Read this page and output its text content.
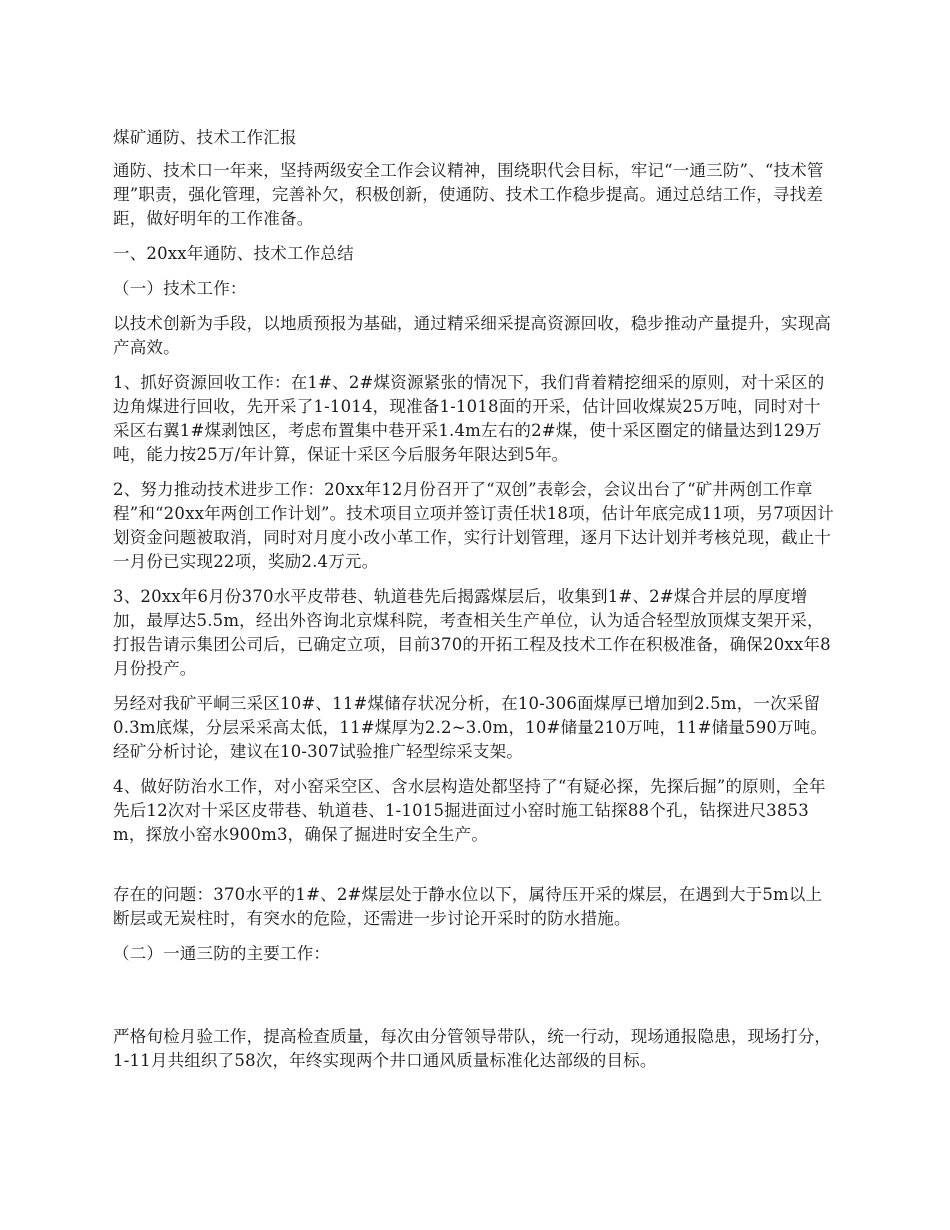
煤矿通防、技术工作汇报

通防、技术口一年来，坚持两级安全工作会议精神，围绕职代会目标，牢记“一通三防”、“技术管理”职责，强化管理，完善补欠，积极创新，使通防、技术工作稳步提高。通过总结工作，寻找差距，做好明年的工作准备。

一、20xx年通防、技术工作总结

（一）技术工作：

以技术创新为手段，以地质预报为基础，通过精采细采提高资源回收，稳步推动产量提升，实现高产高效。

1、抓好资源回收工作：在1#、2#煤资源紧张的情况下，我们背着精挖细采的原则，对十采区的边角煤进行回收，先开采了1-1014，现准备1-1018面的开采，估计回收煤炭25万吨，同时对十采区右翼1#煤剥蚀区，考虑布置集中巷开采1.4m左右的2#煤，使十采区圈定的储量达到129万吨，能力按25万/年计算，保证十采区今后服务年限达到5年。

2、努力推动技术进步工作：20xx年12月份召开了“双创”表彰会，会议出台了“矿井两创工作章程”和“20xx年两创工作计划”。技术项目立项并签订责任状18项，估计年底完成11项，另7项因计划资金问题被取消，同时对月度小改小革工作，实行计划管理，逐月下达计划并考核兑现，截止十一月份已实现22项，奖励2.4万元。

3、20xx年6月份370水平皮带巷、轨道巷先后揭露煤层后，收集到1#、2#煤合并层的厚度增加，最厚达5.5m，经出外咨询北京煤科院，考查相关生产单位，认为适合轻型放顶煤支架开采，打报告请示集团公司后，已确定立项，目前370的开拓工程及技术工作在积极准备，确保20xx年8月份投产。

另经对我矿平峒三采区10#、11#煤储存状况分析，在10-306面煤厚已增加到2.5m，一次采留0.3m底煤，分层采采高太低，11#煤厚为2.2~3.0m，10#储量210万吨，11#储量590万吨。经矿分析讨论，建议在10-307试验推广轻型综采支架。

4、做好防治水工作，对小窑采空区、含水层构造处都坚持了“有疑必探，先探后掘”的原则，全年先后12次对十采区皮带巷、轨道巷、1-1015掘进面过小窑时施工钻探88个孔，钻探进尺3853m，探放小窑水900m3，确保了掘进时安全生产。

存在的问题：370水平的1#、2#煤层处于静水位以下，属待压开采的煤层，在遇到大于5m以上断层或无炭柱时，有突水的危险，还需进一步讨论开采时的防水措施。

（二）一通三防的主要工作：

严格旬检月验工作，提高检查质量，每次由分管领导带队，统一行动，现场通报隐患，现场打分，1-11月共组织了58次，年终实现两个井口通风质量标准化达部级的目标。
